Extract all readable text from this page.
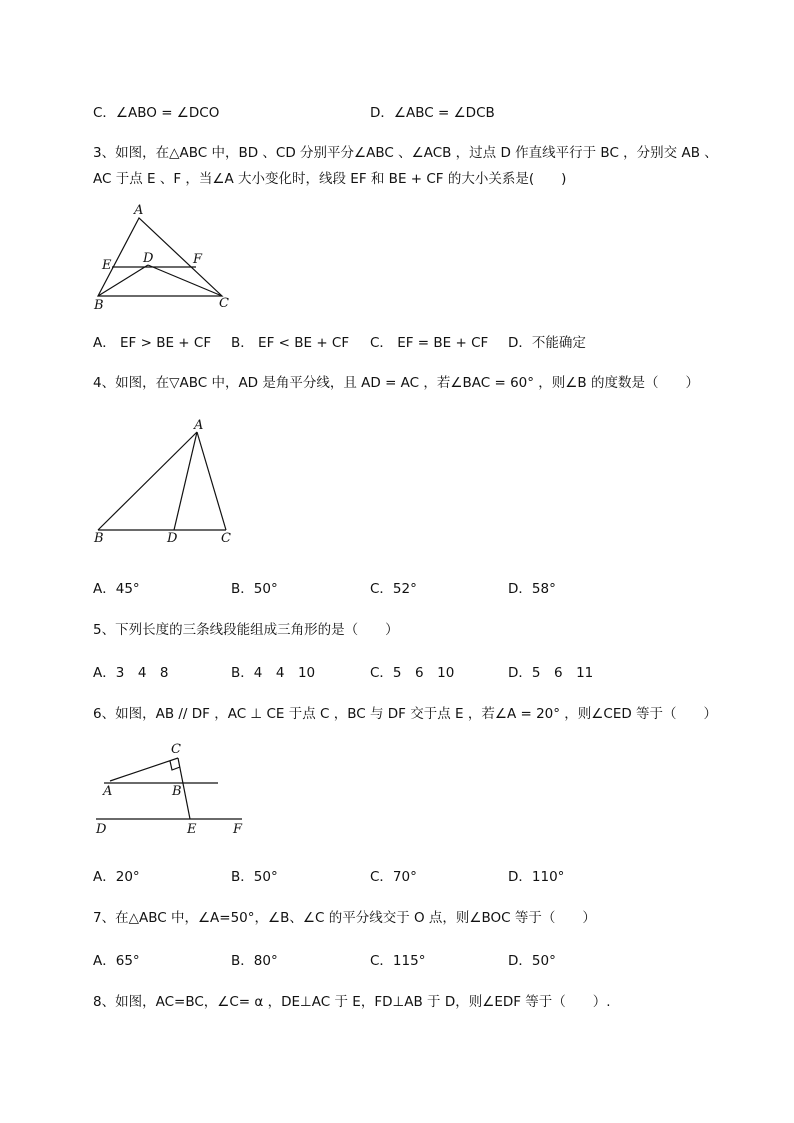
C．∠ABO = ∠DCO	D．∠ABC = ∠DCB
3、如图，在△ABC 中，BD 、CD 分别平分∠ABC 、∠ACB ，过点 D 作直线平行于 BC ，分别交 AB 、
AC 于点 E 、F ，当∠A 大小变化时，线段 EF 和 BE + CF 的大小关系是(　　)
A
E D	F
B	C
A． EF > BE + CF B． EF < BE + CF C． EF = BE + CF D．不能确定
4、如图，在▽ABC 中，AD 是角平分线，且 AD = AC ，若∠BAC = 60° ，则∠B 的度数是（　　）
A
B	D	C
A．45°	B．50°	C．52°	D．58°
5、下列长度的三条线段能组成三角形的是（　　）
A．3　4　8	B．4　4　10	C．5　6　10	D．5　6　11
6、如图，AB // DF ，AC ⊥ CE 于点 C ，BC 与 DF 交于点 E ，若∠A = 20° ，则∠CED 等于（　　）
C
A	B
D	E	F
A．20°	B．50°	C．70°	D．110°
7、在△ABC 中，∠A=50°，∠B、∠C 的平分线交于 O 点，则∠BOC 等于（　　）
A．65°	B．80°	C．115°	D．50°
8、如图，AC=BC，∠C= α ，DE⊥AC 于 E，FD⊥AB 于 D，则∠EDF 等于（　　）.
